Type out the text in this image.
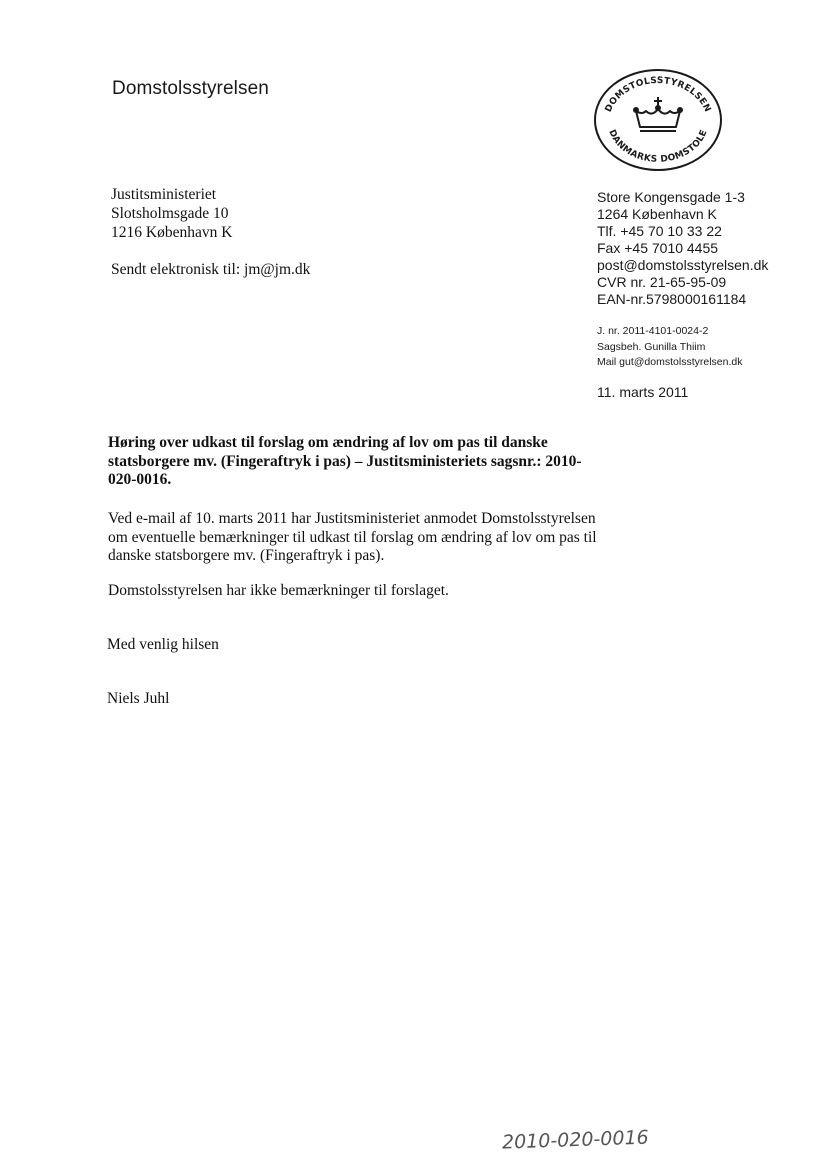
Domstolsstyrelsen
DOMSTOLSSTYRELSEN
DANMARKS DOMSTOLE
Justitsministeriet
Slotsholmsgade 10
1216 København K
Sendt elektronisk til: jm@jm.dk
Store Kongensgade 1-3
1264 København K
Tlf. +45 70 10 33 22
Fax +45 7010 4455
post@domstolsstyrelsen.dk
CVR nr. 21-65-95-09
EAN-nr.5798000161184
J. nr. 2011-4101-0024-2
Sagsbeh. Gunilla Thiim
Mail gut@domstolsstyrelsen.dk
11. marts 2011
Høring over udkast til forslag om ændring af lov om pas til danske
statsborgere mv. (Fingeraftryk i pas) – Justitsministeriets sagsnr.: 2010-
020-0016.
Ved e-mail af 10. marts 2011 har Justitsministeriet anmodet Domstolsstyrelsen
om eventuelle bemærkninger til udkast til forslag om ændring af lov om pas til
danske statsborgere mv. (Fingeraftryk i pas).
Domstolsstyrelsen har ikke bemærkninger til forslaget.
Med venlig hilsen
Niels Juhl
2010-020-0016
